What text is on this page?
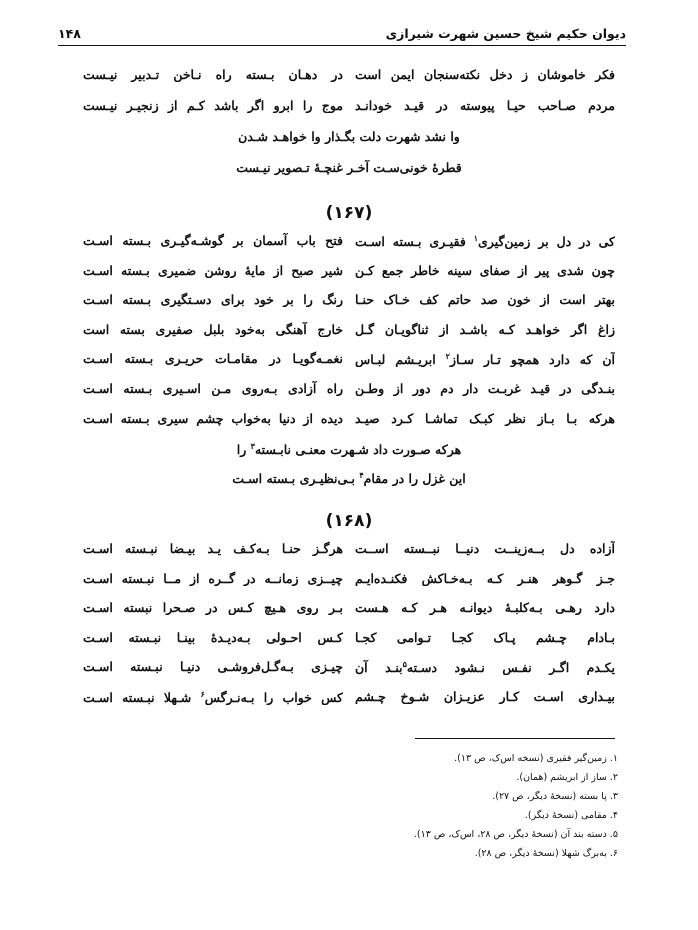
دیوان حکیم شیخ حسین شهرت شیرازی
۱۴۸
فکر خاموشان ز دخل نکته‌سنجان ایمن است
در دهـان بـسته راه نـاخن تـدبیر نیـست
مردم صـاحب حیـا پیوسته در قیـد خودانـد
موج را ابرو اگر باشد کـم از زنجیـر نیـست
وا نشد شهرت دلت بگـذار وا خواهـد شـدن
قطرهٔ خونی‌سـت آخـر غنچـهٔ تـصویر نیـست
(۱۶۷)
کی در دل بر زمین‌گیری$^۱$ فقیـری بـسته اسـت
فتح باب آسمان بر گوشـه‌گیـری بـسته اسـت
چون شدی پیر از صفای سینه خاطر جمع کـن
شیر صبح از مایهٔ روشن ضمیری بـسته اسـت
بهتر است از خون صد حاتم کف خـاک حنـا
رنگ را بر خود برای دسـتگیری بـسته اسـت
زاغ اگر خواهـد کـه باشـد از ثناگویـان گـل
خارج آهنگی به‌خود بلبل صفیری بسته است
آن که دارد همچو تـار سـاز$^۲$ ابریـشم لبـاس
نغمـه‌گویـا در مقامـات حریـری بـسته اسـت
بنـدگی در قیـد غربـت دار دم دور از وطـن
راه آزادی بـه‌روی مـن اسـیری بـسته اسـت
هرکه بـا بـاز نظر کبـک تماشـا کـرد صیـد
دیده از دنیا به‌خواب چشم سیری بـسته اسـت
هرکه صـورت داد شـهرت معنـی نابـسته$^۳$ را
این غزل را در مقام$^۴$ بـی‌نظیـری بـسته اسـت
(۱۶۸)
آزاده دل بــه‌زینــت دنیــا نبــسته اســت
هرگـز حنـا بـه‌کـف یـد بیـضا نبـسته اسـت
جـز گـوهر هنـر کـه بـه‌خـاکش فکنـده‌ایـم
چیــزی زمانــه در گــره از مــا نبـسته اسـت
دارد رهـی بـه‌کلبـهٔ دیوانـه هـر کـه هـست
بـر روی هـیچ کـس در صـحرا نبسته اسـت
بـادام چـشم پـاک کجـا تـوامی کجـا
کـس احـولی بـه‌دیـدهٔ بینـا نبـسته اسـت
یکـدم اگـر نفـس نـشود دسـته$^۵$بنـد آن
چیـزی بـه‌گـل‌فروشـی دنیـا نبـسته اسـت
بیـداری اسـت کـار عزیـزان شـوخ چـشم
کس خواب را بـه‌نـرگس$^۶$ شـهلا نبـسته اسـت
۱. زمین‌گیر فقیری (نسخه اس‌ک، ص ۱۳).
۲. ساز از ابریشم (همان).
۳. پا بسته (نسخهٔ دیگر، ص ۲۷).
۴. مقامی (نسخهٔ دیگر).
۵. دسته بند آن (نسخهٔ دیگر، ص ۲۸، اس‌ک، ص ۱۳).
۶. به‌برگ شهلا (نسخهٔ دیگر، ص ۲۸).
